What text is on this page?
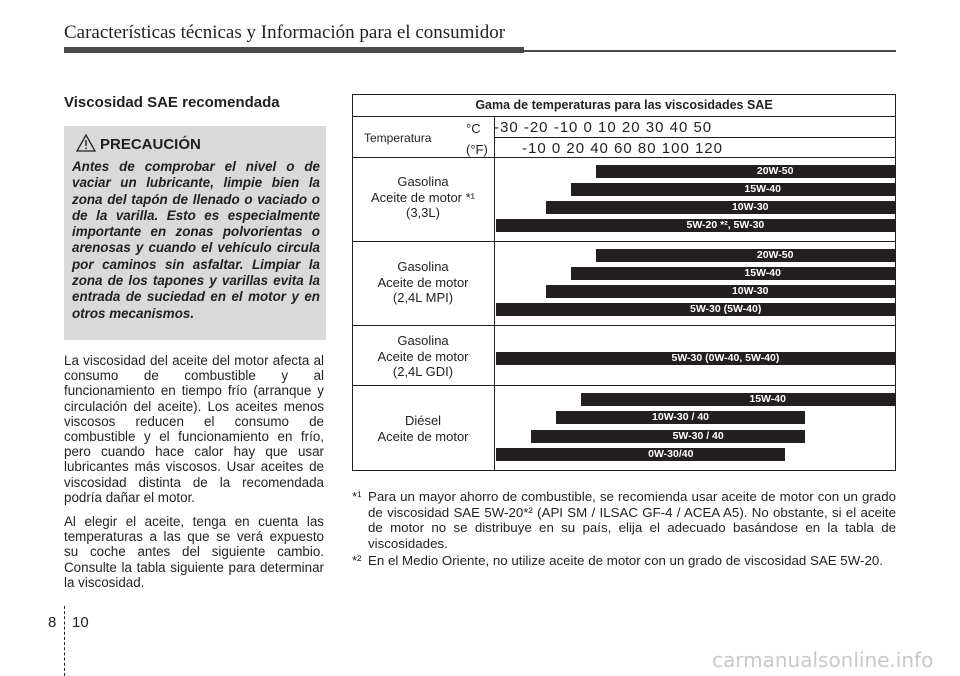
Características técnicas y Información para el consumidor
Viscosidad SAE recomendada
PRECAUCIÓN
Antes de comprobar el nivel o de vaciar un lubricante, limpie bien la zona del tapón de llenado o vaciado o de la varilla. Esto es especialmente importante en zonas polvorientas o arenosas y cuando el vehículo circula por caminos sin asfaltar. Limpiar la zona de los tapones y varillas evita la entrada de suciedad en el motor y en otros mecanismos.
La viscosidad del aceite del motor afecta al consumo de combustible y al funcionamiento en tiempo frío (arranque y circulación del aceite). Los aceites menos viscosos reducen el consumo de combustible y el funcionamiento en frío, pero cuando hace calor hay que usar lubricantes más viscosos. Usar aceites de viscosidad distinta de la recomendada podría dañar el motor.
Al elegir el aceite, tenga en cuenta las temperaturas a las que se verá expuesto su coche antes del siguiente cambio. Consulte la tabla siguiente para determinar la viscosidad.
Gama de temperaturas para las viscosidades SAE
Temperatura
°C
(°F)
-30 -20 -10 0 10 20 30 40 50
-10 0 20 40 60 80 100 120
Gasolina
Aceite de motor *¹
(3,3L)
Gasolina
Aceite de motor
(2,4L MPI)
Gasolina
Aceite de motor
(2,4L GDI)
Diésel
Aceite de motor
20W-50
15W-40
10W-30
5W-20 *², 5W-30
20W-50
15W-40
10W-30
5W-30 (5W-40)
5W-30 (0W-40, 5W-40)
15W-40
10W-30 / 40
5W-30 / 40
0W-30/40
*¹ Para un mayor ahorro de combustible, se recomienda usar aceite de motor con un grado de viscosidad SAE 5W-20*² (API SM / ILSAC GF-4 / ACEA A5). No obstante, si el aceite de motor no se distribuye en su país, elija el adecuado basándose en la tabla de viscosidades.
*² En el Medio Oriente, no utilize aceite de motor con un grado de viscosidad SAE 5W-20.
8 10
carmanualsonline.info
